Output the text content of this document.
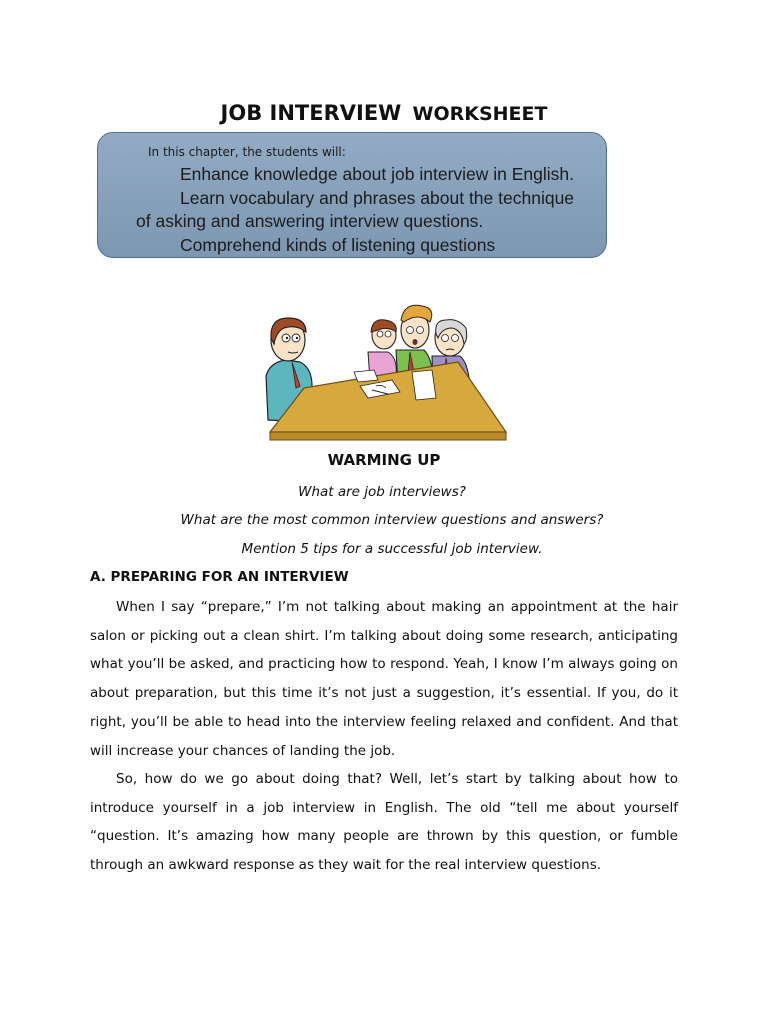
JOB INTERVIEW WORKSHEET
In this chapter, the students will:
Enhance knowledge about job interview in English.
Learn vocabulary and phrases about the technique
of asking and answering interview questions.
Comprehend kinds of listening questions
WARMING UP
What are job interviews?
What are the most common interview questions and answers?
Mention 5 tips for a successful job interview.
A. PREPARING FOR AN INTERVIEW

When I say “prepare,” I’m not talking about making an appointment at the hair salon or picking out a clean shirt. I’m talking about doing some research, anticipating what you’ll be asked, and practicing how to respond. Yeah, I know I’m always going on about preparation, but this time it’s not just a suggestion, it’s essential. If you, do it right, you’ll be able to head into the interview feeling relaxed and confident. And that will increase your chances of landing the job.

So, how do we go about doing that? Well, let’s start by talking about how to introduce yourself in a job interview in English. The old “tell me about yourself “question. It’s amazing how many people are thrown by this question, or fumble through an awkward response as they wait for the real interview questions.
